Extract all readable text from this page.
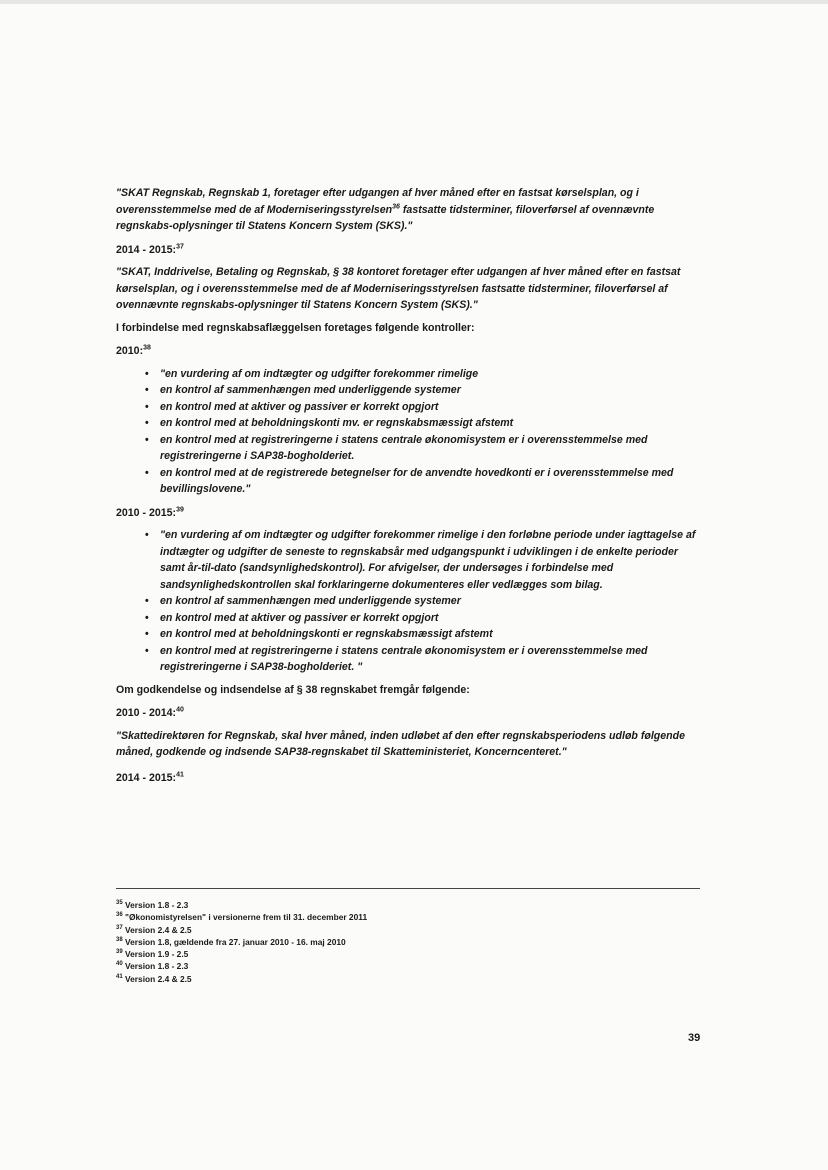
"SKAT Regnskab, Regnskab 1, foretager efter udgangen af hver måned efter en fastsat kørselsplan, og i overensstemmelse med de af Moderniseringsstyrelsen$^{36}$ fastsatte tidsterminer, filoverførsel af ovennævnte regnskabs-oplysninger til Statens Koncern System (SKS)."

2014 - 2015:$^{37}$

"SKAT, Inddrivelse, Betaling og Regnskab, § 38 kontoret foretager efter udgangen af hver måned efter en fastsat kørselsplan, og i overensstemmelse med de af Moderniseringsstyrelsen fastsatte tidsterminer, filoverførsel af ovennævnte regnskabs-oplysninger til Statens Koncern System (SKS)."

I forbindelse med regnskabsaflæggelsen foretages følgende kontroller:

2010:$^{38}$
• "en vurdering af om indtægter og udgifter forekommer rimelige
• en kontrol af sammenhængen med underliggende systemer
• en kontrol med at aktiver og passiver er korrekt opgjort
• en kontrol med at beholdningskonti mv. er regnskabsmæssigt afstemt
• en kontrol med at registreringerne i statens centrale økonomisystem er i overensstemmelse med registreringerne i SAP38-bogholderiet.
• en kontrol med at de registrerede betegnelser for de anvendte hovedkonti er i overensstemmelse med bevillingslovene."
2010 - 2015:$^{39}$
• "en vurdering af om indtægter og udgifter forekommer rimelige i den forløbne periode under iagttagelse af indtægter og udgifter de seneste to regnskabsår med udgangspunkt i udviklingen i de enkelte perioder samt år-til-dato (sandsynlighedskontrol). For afvigelser, der undersøges i forbindelse med sandsynlighedskontrollen skal forklaringerne dokumenteres eller vedlægges som bilag.
• en kontrol af sammenhængen med underliggende systemer
• en kontrol med at aktiver og passiver er korrekt opgjort
• en kontrol med at beholdningskonti er regnskabsmæssigt afstemt
• en kontrol med at registreringerne i statens centrale økonomisystem er i overensstemmelse med registreringerne i SAP38-bogholderiet. "

Om godkendelse og indsendelse af § 38 regnskabet fremgår følgende:

2010 - 2014:$^{40}$

"Skattedirektøren for Regnskab, skal hver måned, inden udløbet af den efter regnskabsperiodens udløb følgende måned, godkende og indsende SAP38-regnskabet til Skatteministeriet, Koncerncenteret."

2014 - 2015:$^{41}$
$^{35}$ Version 1.8 - 2.3
$^{36}$ "Økonomistyrelsen" i versionerne frem til 31. december 2011
$^{37}$ Version 2.4 & 2.5
$^{38}$ Version 1.8, gældende fra 27. januar 2010 - 16. maj 2010
$^{39}$ Version 1.9 - 2.5
$^{40}$ Version 1.8 - 2.3
$^{41}$ Version 2.4 & 2.5
39
